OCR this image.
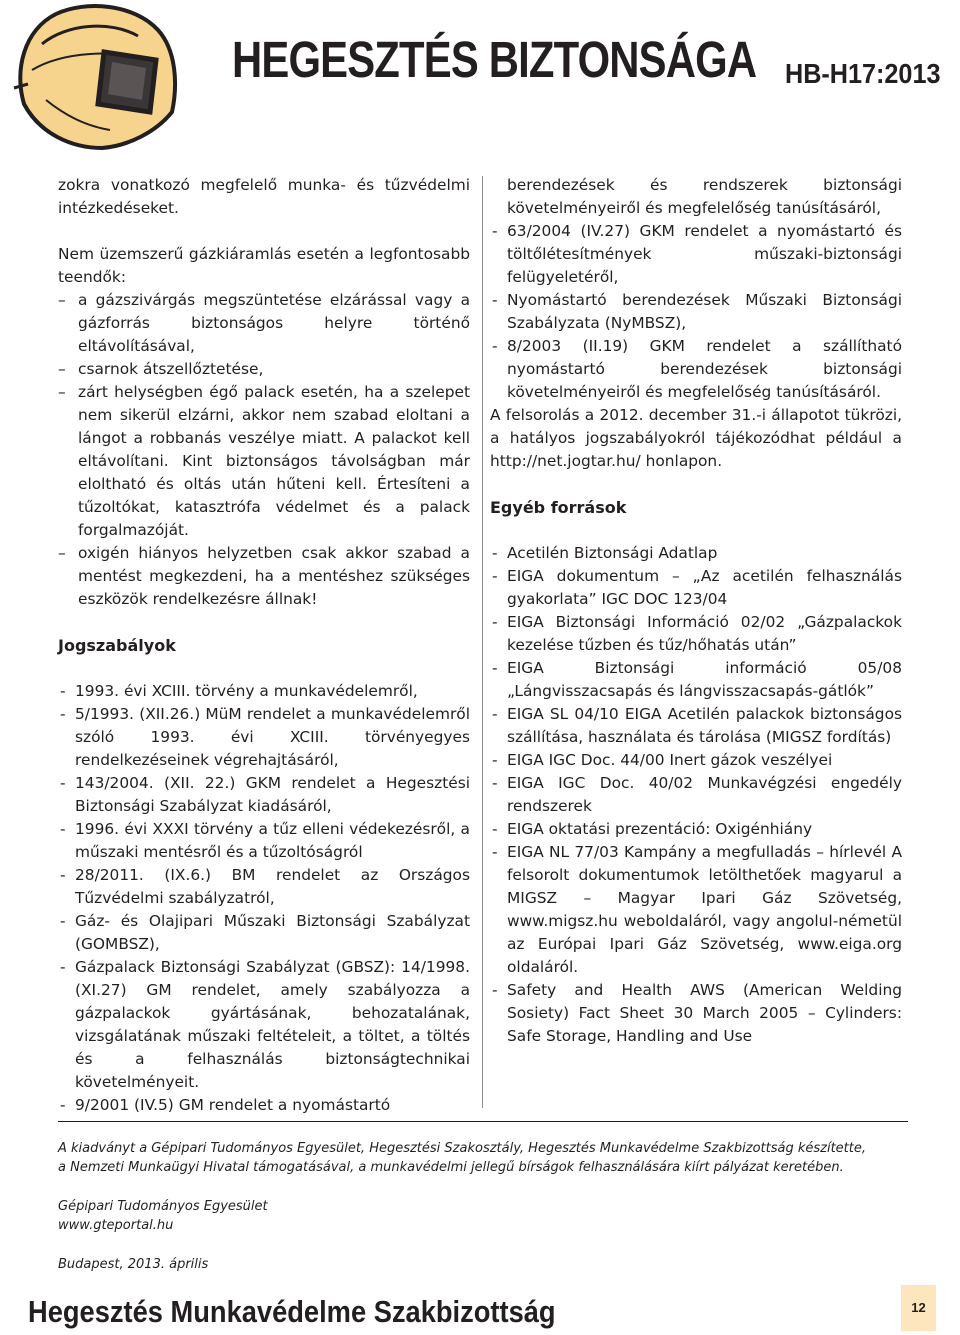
HEGESZTÉS BIZTONSÁGA HB-H17:2013

zokra vonatkozó megfelelő munka- és tűzvédelmi intézkedéseket.

Nem üzemszerű gázkiáramlás esetén a legfontosabb teendők:

– a gázszivárgás megszüntetése elzárással vagy a gázforrás biztonságos helyre történő eltávolításával,

– csarnok átszellőztetése,

– zárt helységben égő palack esetén, ha a szelepet nem sikerül elzárni, akkor nem szabad eloltani a lángot a robbanás veszélye miatt. A palackot kell eltávolítani. Kint biztonságos távolságban már eloltható és oltás után hűteni kell. Értesíteni a tűzoltókat, katasztrófa védelmet és a palack forgalmazóját.

– oxigén hiányos helyzetben csak akkor szabad a mentést megkezdeni, ha a mentéshez szükséges eszközök rendelkezésre állnak!

Jogszabályok

- 1993. évi XCIII. törvény a munkavédelemről,

- 5/1993. (XII.26.) MüM rendelet a munkavédelemről szóló 1993. évi XCIII. törvényegyes rendelkezéseinek végrehajtásáról,

- 143/2004. (XII. 22.) GKM rendelet a Hegesztési Biztonsági Szabályzat kiadásáról,

- 1996. évi XXXI törvény a tűz elleni védekezésről, a műszaki mentésről és a tűzoltóságról

- 28/2011. (IX.6.) BM rendelet az Országos Tűzvédelmi szabályzatról,

- Gáz- és Olajipari Műszaki Biztonsági Szabályzat (GOMBSZ),

- Gázpalack Biztonsági Szabályzat (GBSZ): 14/1998. (XI.27) GM rendelet, amely szabályozza a gázpalackok gyártásának, behozatalának, vizsgálatának műszaki feltételeit, a töltet, a töltés és a felhasználás biztonságtechnikai követelményeit.

- 9/2001 (IV.5) GM rendelet a nyomástartó

berendezések és rendszerek biztonsági követelményeiről és megfelelőség tanúsításáról,

- 63/2004 (IV.27) GKM rendelet a nyomástartó és töltőlétesítmények műszaki-biztonsági felügyeletéről,

- Nyomástartó berendezések Műszaki Biztonsági Szabályzata (NyMBSZ),

- 8/2003 (II.19) GKM rendelet a szállítható nyomástartó berendezések biztonsági követelményeiről és megfelelőség tanúsításáról.

A felsorolás a 2012. december 31.-i állapotot tükrözi, a hatályos jogszabályokról tájékozódhat például a http://net.jogtar.hu/ honlapon.

Egyéb források

- Acetilén Biztonsági Adatlap

- EIGA dokumentum – „Az acetilén felhasználás gyakorlata” IGC DOC 123/04

- EIGA Biztonsági Információ 02/02 „Gázpalackok kezelése tűzben és tűz/hőhatás után”

- EIGA Biztonsági információ 05/08 „Lángvisszacsapás és lángvisszacsapás-gátlók”

- EIGA SL 04/10 EIGA Acetilén palackok biztonságos szállítása, használata és tárolása (MIGSZ fordítás)

- EIGA IGC Doc. 44/00 Inert gázok veszélyei

- EIGA IGC Doc. 40/02 Munkavégzési engedély rendszerek

- EIGA oktatási prezentáció: Oxigénhiány

- EIGA NL 77/03 Kampány a megfulladás – hírlevél A felsorolt dokumentumok letölthetőek magyarul a MIGSZ – Magyar Ipari Gáz Szövetség, www.migsz.hu weboldaláról, vagy angolul-németül az Európai Ipari Gáz Szövetség, www.eiga.org oldaláról.

- Safety and Health AWS (American Welding Sosiety) Fact Sheet 30 March 2005 – Cylinders: Safe Storage, Handling and Use

A kiadványt a Gépipari Tudományos Egyesület, Hegesztési Szakosztály, Hegesztés Munkavédelme Szakbizottság készítette,
a Nemzeti Munkaügyi Hivatal támogatásával, a munkavédelmi jellegű bírságok felhasználására kiírt pályázat keretében.
Gépipari Tudományos Egyesület
www.gteportal.hu
Budapest, 2013. április
Hegesztés Munkavédelme Szakbizottság	12
